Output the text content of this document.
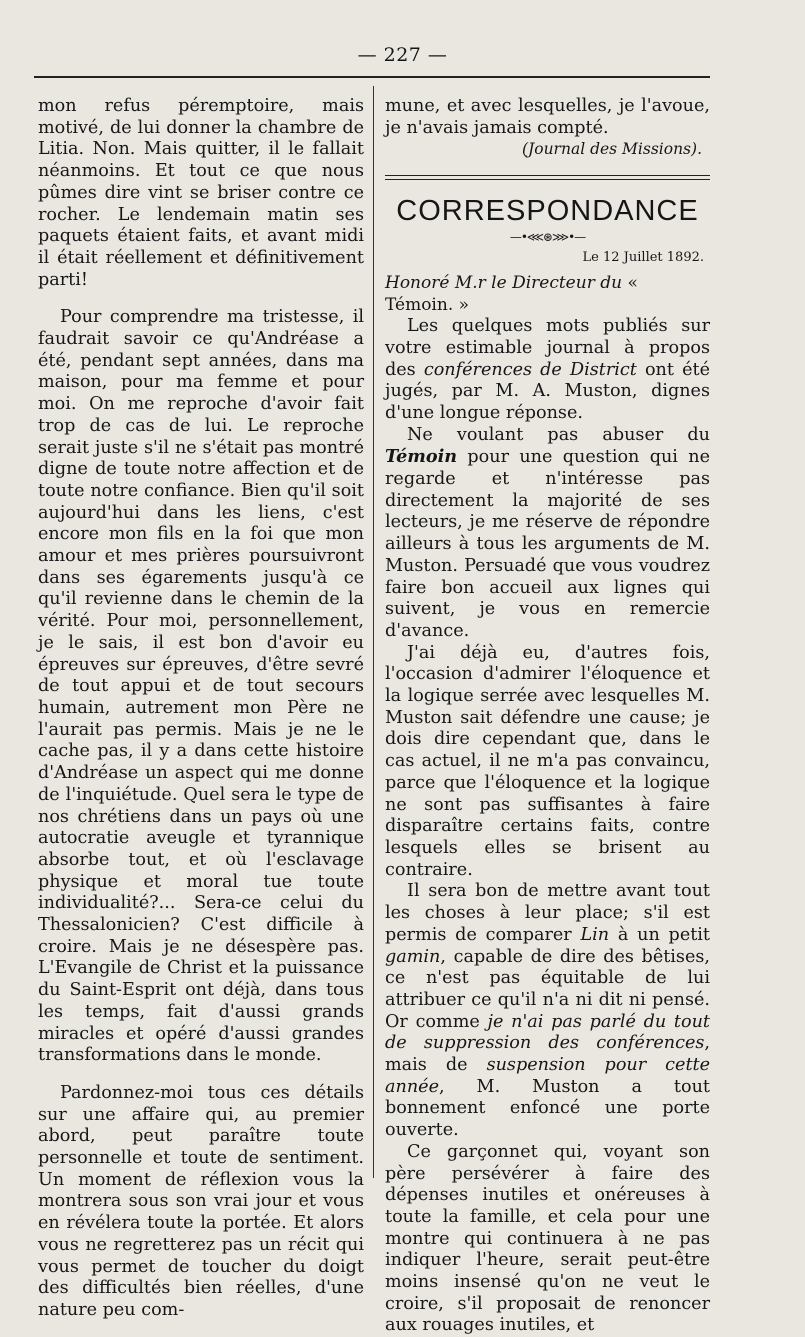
— 227 —

mon refus péremptoire, mais motivé, de lui donner la chambre de Litia. Non. Mais quitter, il le fallait néanmoins. Et tout ce que nous pûmes dire vint se briser contre ce rocher. Le lendemain matin ses paquets étaient faits, et avant midi il était réellement et définitivement parti!

Pour comprendre ma tristesse, il faudrait savoir ce qu'Andréase a été, pendant sept années, dans ma maison, pour ma femme et pour moi. On me reproche d'avoir fait trop de cas de lui. Le reproche serait juste s'il ne s'était pas montré digne de toute notre affection et de toute notre confiance. Bien qu'il soit aujourd'hui dans les liens, c'est encore mon fils en la foi que mon amour et mes prières poursuivront dans ses égarements jusqu'à ce qu'il revienne dans le chemin de la vérité. Pour moi, personnellement, je le sais, il est bon d'avoir eu épreuves sur épreuves, d'être sevré de tout appui et de tout secours humain, autrement mon Père ne l'aurait pas permis. Mais je ne le cache pas, il y a dans cette histoire d'Andréase un aspect qui me donne de l'inquiétude. Quel sera le type de nos chrétiens dans un pays où une autocratie aveugle et tyrannique absorbe tout, et où l'esclavage physique et moral tue toute individualité?... Sera-ce celui du Thessalonicien? C'est difficile à croire. Mais je ne désespère pas. L'Evangile de Christ et la puissance du Saint-Esprit ont déjà, dans tous les temps, fait d'aussi grands miracles et opéré d'aussi grandes transformations dans le monde.

Pardonnez-moi tous ces détails sur une affaire qui, au premier abord, peut paraître toute personnelle et toute de sentiment. Un moment de réflexion vous la montrera sous son vrai jour et vous en révélera toute la portée. Et alors vous ne regretterez pas un récit qui vous permet de toucher du doigt des difficultés bien réelles, d'une nature peu com-

mune, et avec lesquelles, je l'avoue, je n'avais jamais compté.

(Journal des Missions).
CORRESPONDANCE
—•⋘⊛⋙•—
Le 12 Juillet 1892.
Honoré M.r le Directeur du « Témoin. »

Les quelques mots publiés sur votre estimable journal à propos des conférences de District ont été jugés, par M. A. Muston, dignes d'une longue réponse.

Ne voulant pas abuser du Témoin pour une question qui ne regarde et n'intéresse pas directement la majorité de ses lecteurs, je me réserve de répondre ailleurs à tous les arguments de M. Muston. Persuadé que vous voudrez faire bon accueil aux lignes qui suivent, je vous en remercie d'avance.

J'ai déjà eu, d'autres fois, l'occasion d'admirer l'éloquence et la logique serrée avec lesquelles M. Muston sait défendre une cause; je dois dire cependant que, dans le cas actuel, il ne m'a pas convaincu, parce que l'éloquence et la logique ne sont pas suffisantes à faire disparaître certains faits, contre lesquels elles se brisent au contraire.

Il sera bon de mettre avant tout les choses à leur place; s'il est permis de comparer Lin à un petit gamin, capable de dire des bêtises, ce n'est pas équitable de lui attribuer ce qu'il n'a ni dit ni pensé. Or comme je n'ai pas parlé du tout de suppression des conférences, mais de suspension pour cette année, M. Muston a tout bonnement enfoncé une porte ouverte.

Ce garçonnet qui, voyant son père persévérer à faire des dépenses inutiles et onéreuses à toute la famille, et cela pour une montre qui continuera à ne pas indiquer l'heure, serait peut-être moins insensé qu'on ne veut le croire, s'il proposait de renoncer aux rouages inutiles, et
